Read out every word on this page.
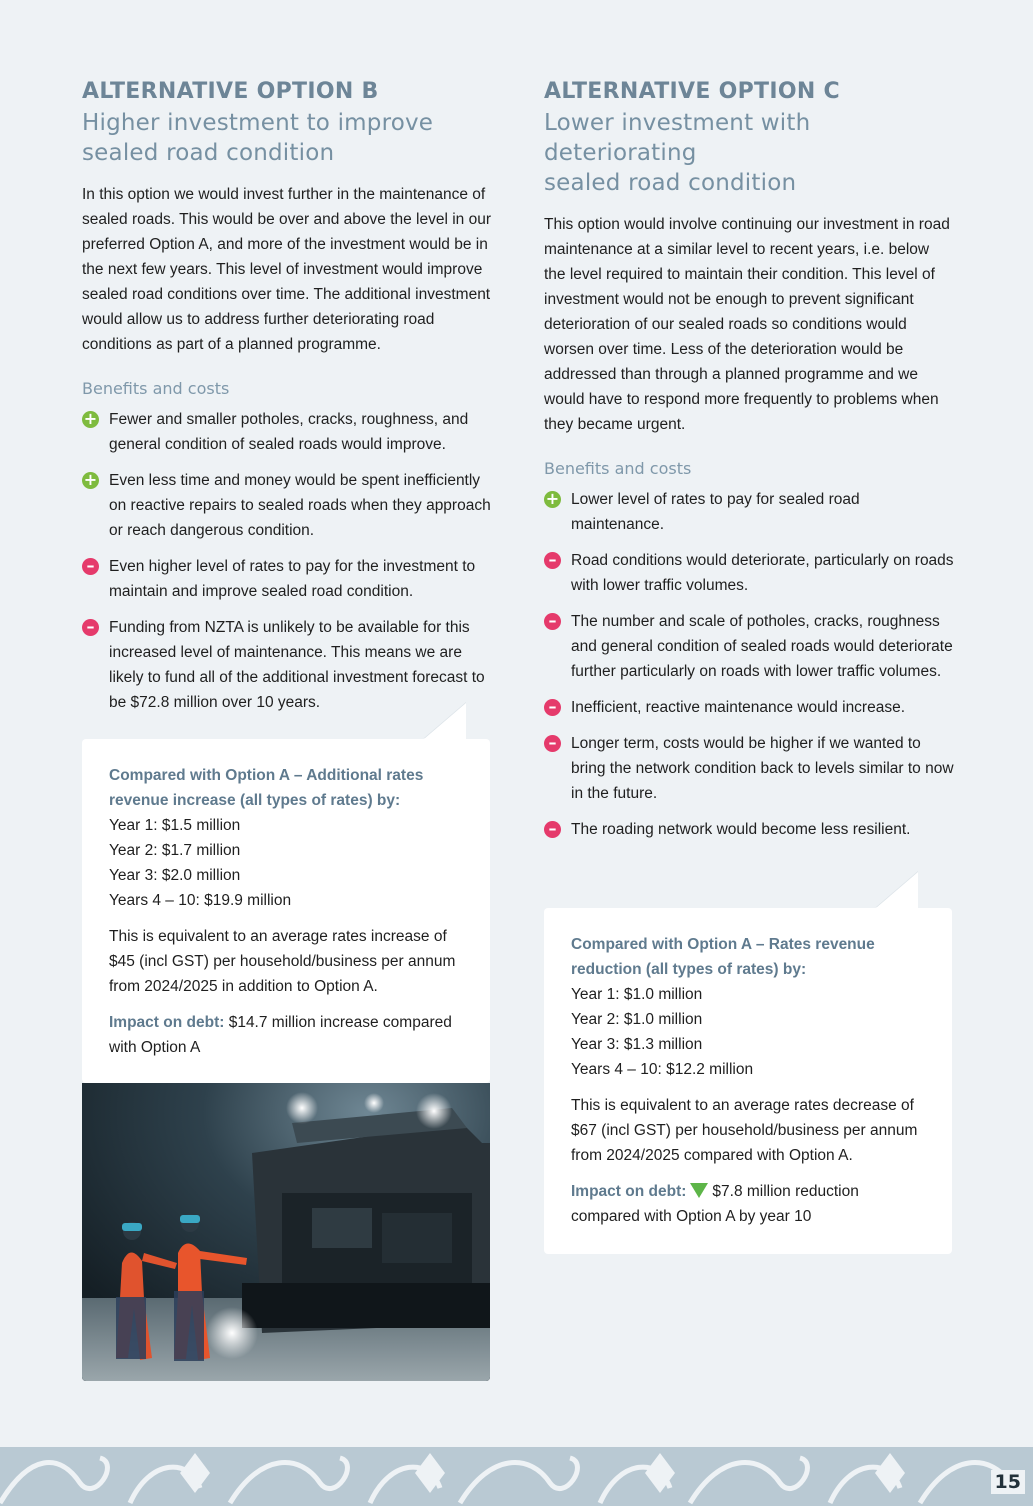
ALTERNATIVE OPTION B
Higher investment to improve
sealed road condition

In this option we would invest further in the maintenance of sealed roads. This would be over and above the level in our preferred Option A, and more of the investment would be in the next few years. This level of investment would improve sealed road conditions over time. The additional investment would allow us to address further deteriorating road conditions as part of a planned programme.

Benefits and costs
+ Fewer and smaller potholes, cracks, roughness, and general condition of sealed roads would improve.
+ Even less time and money would be spent inefficiently on reactive repairs to sealed roads when they approach or reach dangerous condition.
– Even higher level of rates to pay for the investment to maintain and improve sealed road condition.
– Funding from NZTA is unlikely to be available for this increased level of maintenance. This means we are likely to fund all of the additional investment forecast to be $72.8 million over 10 years.
Compared with Option A – Additional rates revenue increase (all types of rates) by:

Year 1: $1.5 million

Year 2: $1.7 million

Year 3: $2.0 million

Years 4 – 10: $19.9 million

This is equivalent to an average rates increase of $45 (incl GST) per household/business per annum from 2024/2025 in addition to Option A.

Impact on debt: $14.7 million increase compared with Option A

ALTERNATIVE OPTION C
Lower investment with deteriorating
sealed road condition

This option would involve continuing our investment in road maintenance at a similar level to recent years, i.e. below the level required to maintain their condition. This level of investment would not be enough to prevent significant deterioration of our sealed roads so conditions would worsen over time. Less of the deterioration would be addressed than through a planned programme and we would have to respond more frequently to problems when they became urgent.

Benefits and costs
+ Lower level of rates to pay for sealed road maintenance.
– Road conditions would deteriorate, particularly on roads with lower traffic volumes.
– The number and scale of potholes, cracks, roughness and general condition of sealed roads would deteriorate further particularly on roads with lower traffic volumes.
– Inefficient, reactive maintenance would increase.
– Longer term, costs would be higher if we wanted to bring the network condition back to levels similar to now in the future.
– The roading network would become less resilient.
Compared with Option A – Rates revenue reduction (all types of rates) by:

Year 1: $1.0 million

Year 2: $1.0 million

Year 3: $1.3 million

Years 4 – 10: $12.2 million

This is equivalent to an average rates decrease of $67 (incl GST) per household/business per annum from 2024/2025 compared with Option A.

Impact on debt: $7.8 million reduction compared with Option A by year 10

15
